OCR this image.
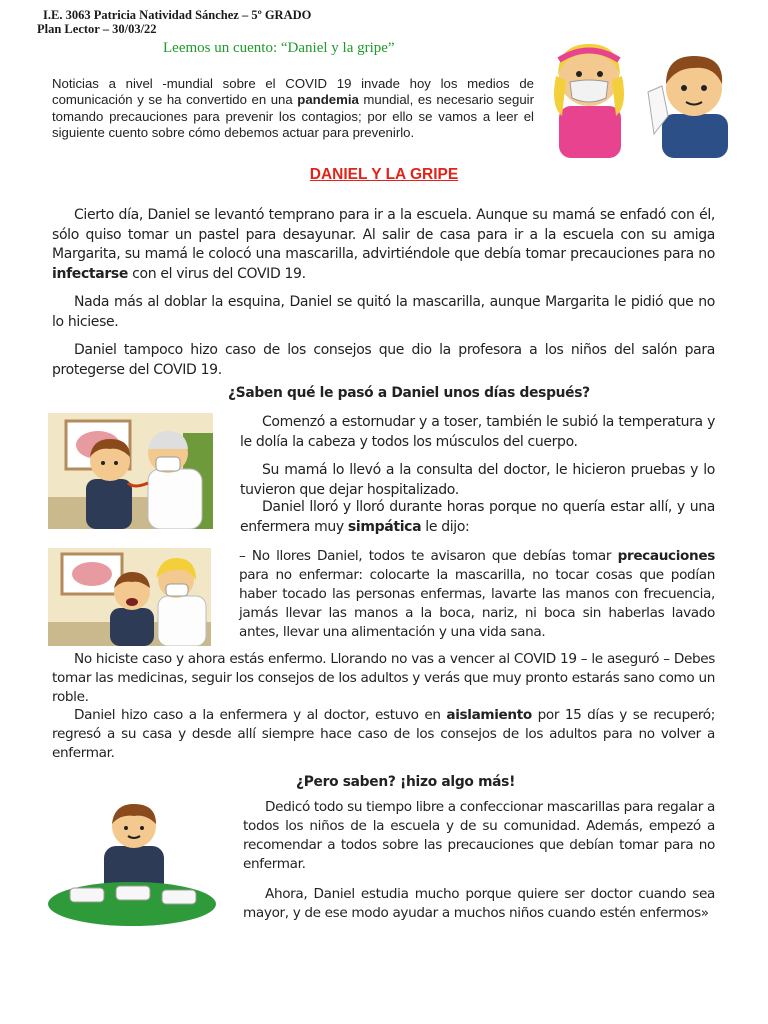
I.E. 3063 Patricia Natividad Sánchez – 5º GRADO
Plan Lector – 30/03/22
Leemos un cuento: “Daniel y la gripe”
Noticias a nivel -mundial sobre el COVID 19 invade hoy los medios de comunicación y se ha convertido en una pandemia mundial, es necesario seguir tomando precauciones para prevenir los contagios; por ello se vamos a leer el siguiente cuento sobre cómo debemos actuar para prevenirlo.
DANIEL Y LA GRIPE
Cierto día, Daniel se levantó temprano para ir a la escuela. Aunque su mamá se enfadó con él, sólo quiso tomar un pastel para desayunar. Al salir de casa para ir a la escuela con su amiga Margarita, su mamá le colocó una mascarilla, advirtiéndole que debía tomar precauciones para no infectarse con el virus del COVID 19.
Nada más al doblar la esquina, Daniel se quitó la mascarilla, aunque Margarita le pidió que no lo hiciese.
Daniel tampoco hizo caso de los consejos que dio la profesora a los niños del salón para protegerse del COVID 19.
¿Saben qué le pasó a Daniel unos días después?
Comenzó a estornudar y a toser, también le subió la temperatura y le dolía la cabeza y todos los músculos del cuerpo.
Su mamá lo llevó a la consulta del doctor, le hicieron pruebas y lo tuvieron que dejar hospitalizado.
Daniel lloró y lloró durante horas porque no quería estar allí, y una enfermera muy simpática le dijo:
– No llores Daniel, todos te avisaron que debías tomar precauciones para no enfermar: colocarte la mascarilla, no tocar cosas que podían haber tocado las personas enfermas, lavarte las manos con frecuencia, jamás llevar las manos a la boca, nariz, ni boca sin haberlas lavado antes, llevar una alimentación y una vida sana.
No hiciste caso y ahora estás enfermo. Llorando no vas a vencer al COVID 19 – le aseguró – Debes tomar las medicinas, seguir los consejos de los adultos y verás que muy pronto estarás sano como un roble.
Daniel hizo caso a la enfermera y al doctor, estuvo en aislamiento por 15 días y se recuperó; regresó a su casa y desde allí siempre hace caso de los consejos de los adultos para no volver a enfermar.
¿Pero saben? ¡hizo algo más!
Dedicó todo su tiempo libre a confeccionar mascarillas para regalar a todos los niños de la escuela y de su comunidad. Además, empezó a recomendar a todos sobre las precauciones que debían tomar para no enfermar.
Ahora, Daniel estudia mucho porque quiere ser doctor cuando sea mayor, y de ese modo ayudar a muchos niños cuando estén enfermos»
